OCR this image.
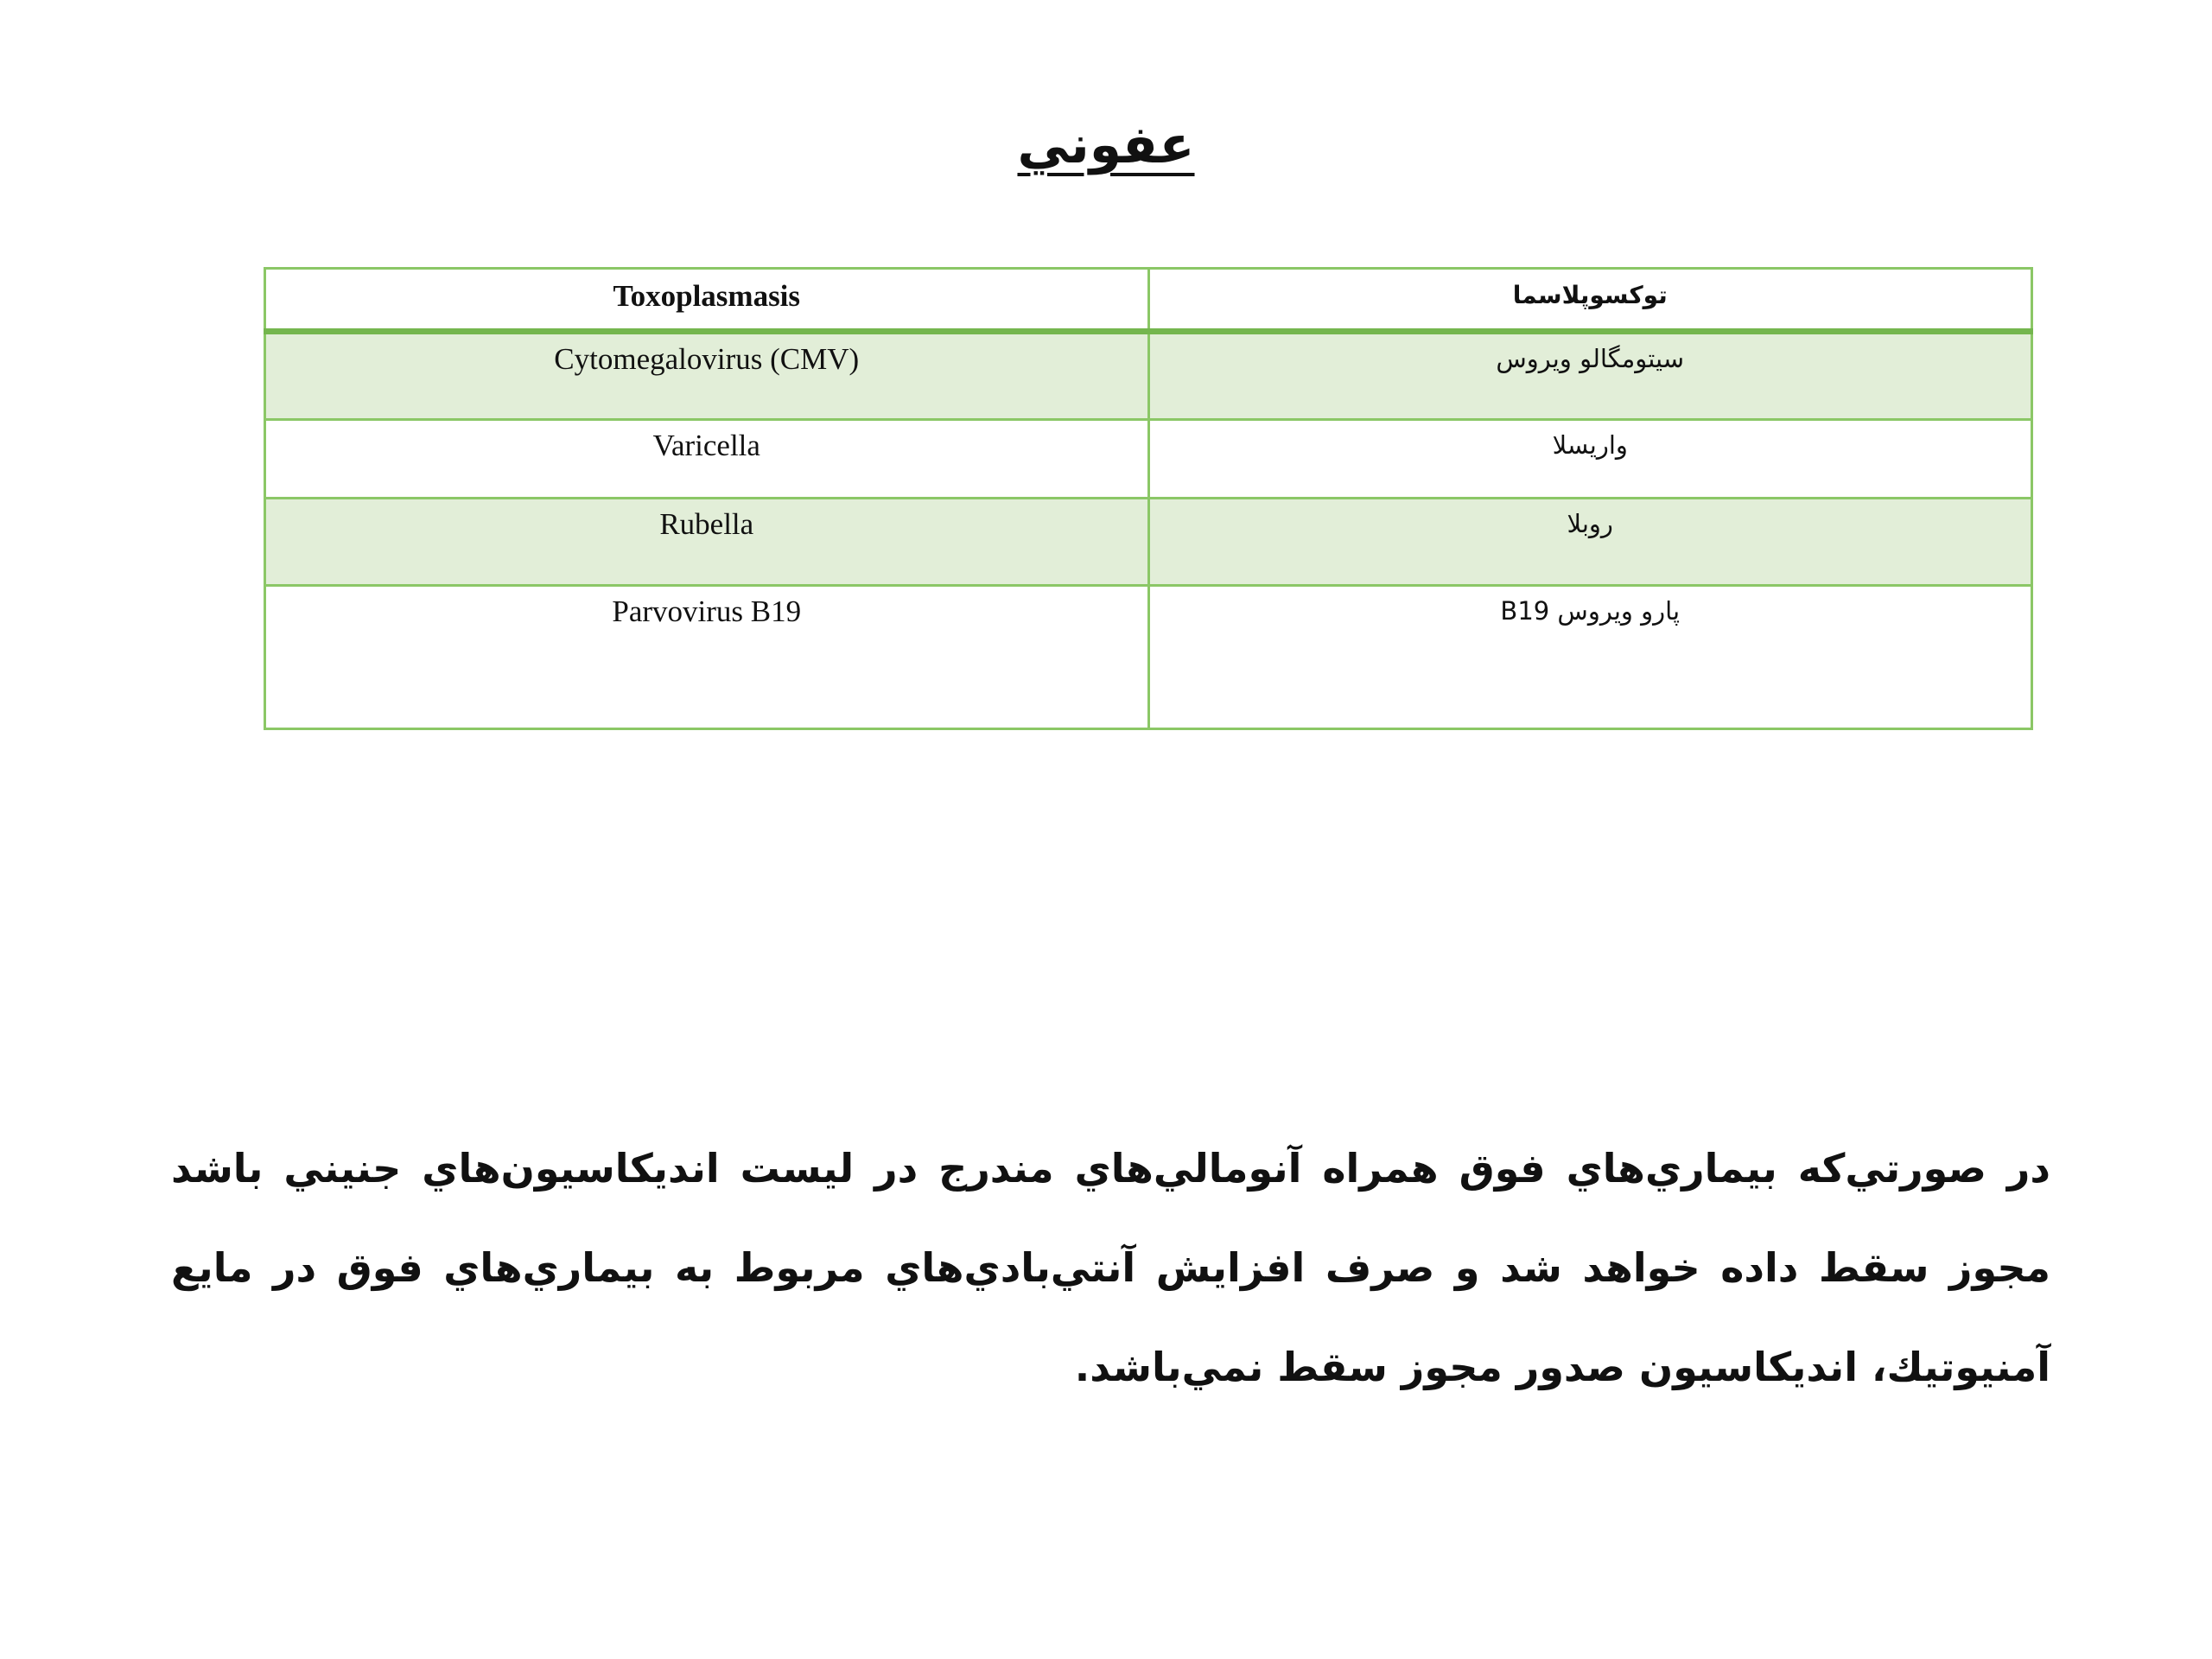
عفوني
Toxoplasmasis	توکسوپلاسما

Cytomegalovirus (CMV)	سيتومگالو ويروس

Varicella	واريسلا

Rubella	روبلا

Parvovirus B19	پارو ويروس B19
در صورتي‌كه بيماري‌هاي فوق همراه آنومالي‌هاي مندرج در ليست انديكاسيون‌هاي جنيني باشد مجوز سقط داده خواهد شد و صرف افزايش آنتي‌بادي‌هاي مربوط به بيماري‌هاي فوق در مايع آمنيوتيك، انديكاسيون صدور مجوز سقط نمي‌باشد.
